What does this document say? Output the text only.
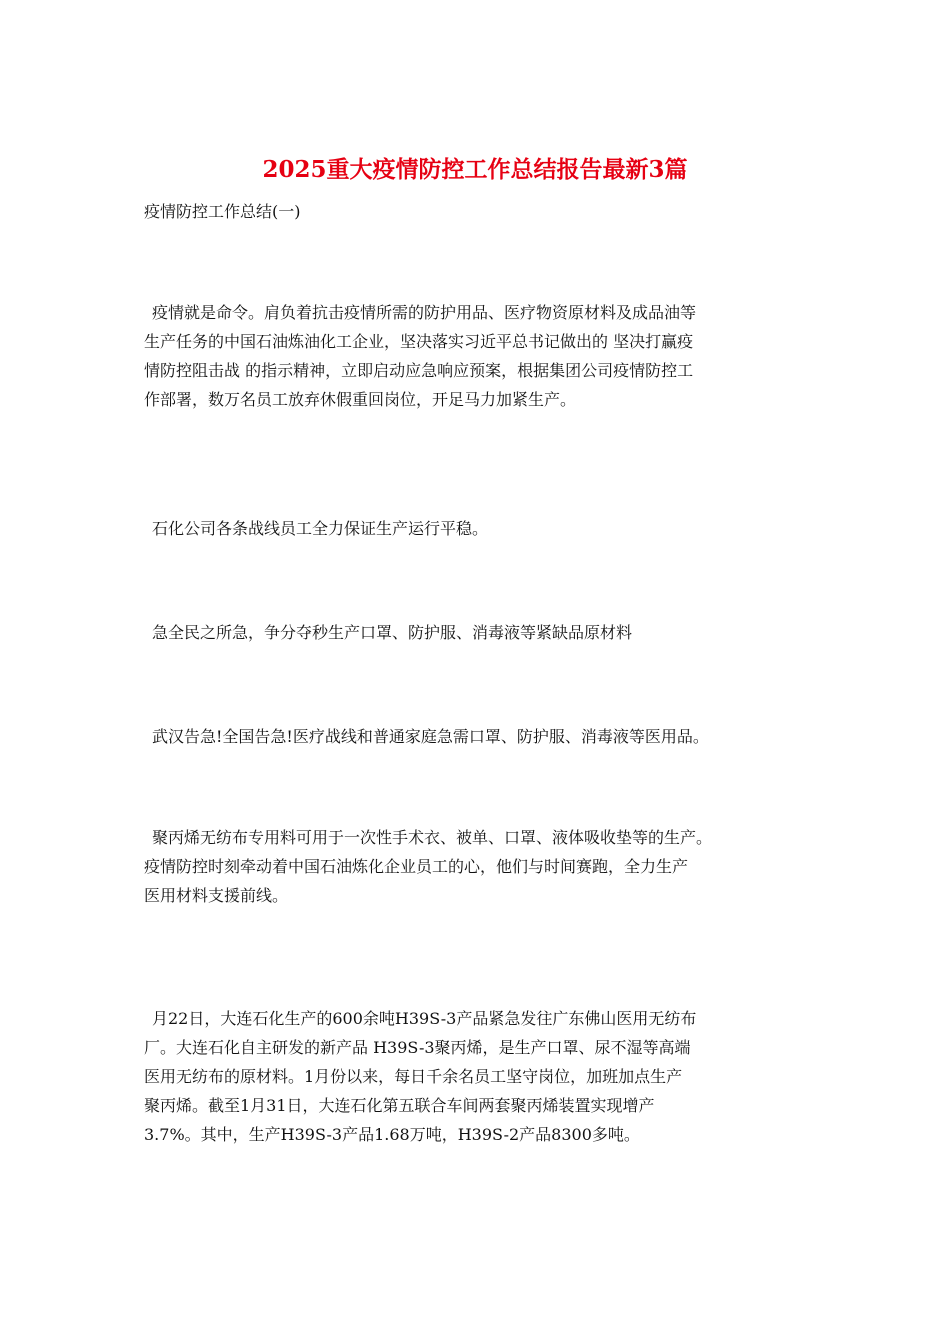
2025重大疫情防控工作总结报告最新3篇
疫情防控工作总结(一)
疫情就是命令。肩负着抗击疫情所需的防护用品、医疗物资原材料及成品油等
生产任务的中国石油炼油化工企业，坚决落实习近平总书记做出的 坚决打赢疫
情防控阻击战 的指示精神，立即启动应急响应预案，根据集团公司疫情防控工
作部署，数万名员工放弃休假重回岗位，开足马力加紧生产。
石化公司各条战线员工全力保证生产运行平稳。
急全民之所急，争分夺秒生产口罩、防护服、消毒液等紧缺品原材料
武汉告急!全国告急!医疗战线和普通家庭急需口罩、防护服、消毒液等医用品。
聚丙烯无纺布专用料可用于一次性手术衣、被单、口罩、液体吸收垫等的生产。
疫情防控时刻牵动着中国石油炼化企业员工的心，他们与时间赛跑，全力生产
医用材料支援前线。
月22日，大连石化生产的600余吨H39S-3产品紧急发往广东佛山医用无纺布
厂。大连石化自主研发的新产品 H39S-3聚丙烯，是生产口罩、尿不湿等高端
医用无纺布的原材料。1月份以来，每日千余名员工坚守岗位，加班加点生产
聚丙烯。截至1月31日，大连石化第五联合车间两套聚丙烯装置实现增产
3.7%。其中，生产H39S-3产品1.68万吨，H39S-2产品8300多吨。
